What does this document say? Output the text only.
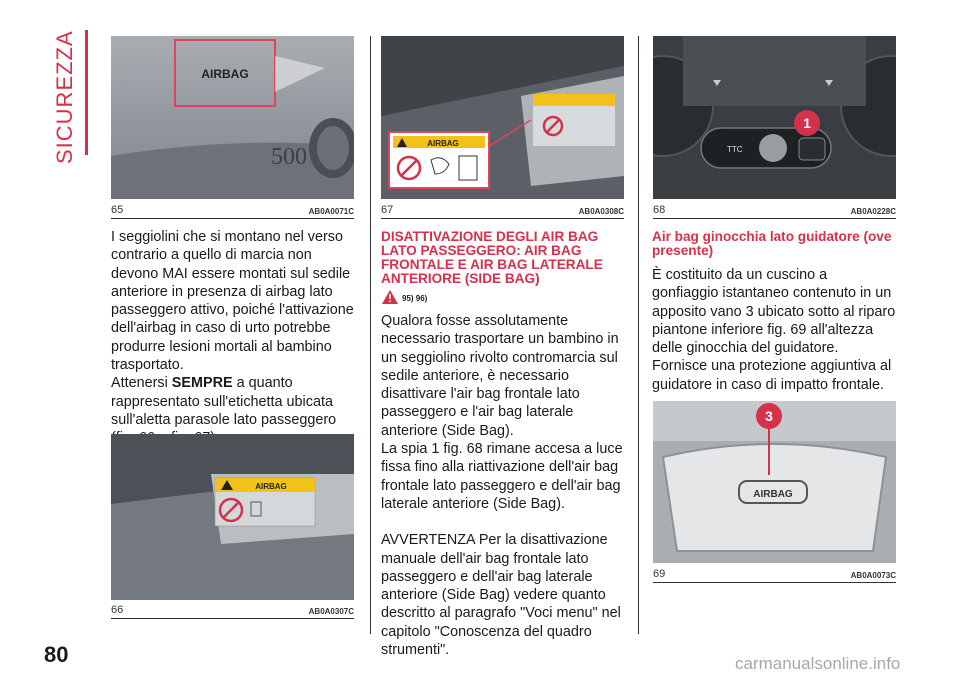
SICUREZZA	AIRBAG
500
65	AB0A0071C

I seggiolini che si montano nel verso contrario a quello di marcia non devono MAI essere montati sul sedile anteriore in presenza di airbag lato passeggero attivo, poiché l'attivazione dell'airbag in caso di urto potrebbe produrre lesioni mortali al bambino trasportato.

Attenersi SEMPRE a quanto rappresentato sull'etichetta ubicata sull'aletta parasole lato passeggero

AIRBAG
66	AB0A0307C
AIRBAG
67	AB0A0308C
DISATTIVAZIONE DEGLI AIR BAG LATO PASSEGGERO: AIR BAG FRONTALE E AIR BAG LATERALE ANTERIORE (SIDE BAG)
95) 96)

Qualora fosse assolutamente necessario trasportare un bambino in un seggiolino rivolto contromarcia sul sedile anteriore, è necessario disattivare l'air bag frontale lato passeggero e l'air bag laterale anteriore (Side Bag).

La spia 1 fig. 68 rimane accesa a luce fissa fino alla riattivazione dell'air bag frontale lato passeggero e dell'air bag laterale anteriore (Side Bag).

AVVERTENZA Per la disattivazione manuale dell'air bag frontale lato passeggero e dell'air bag laterale anteriore (Side Bag) vedere quanto descritto al paragrafo "Voci menu" nel capitolo "Conoscenza del quadro strumenti".

TTC
1
68	AB0A0228C
Air bag ginocchia lato guidatore (ove presente)

È costituito da un cuscino a gonfiaggio istantaneo contenuto in un apposito vano 3 ubicato sotto al riparo piantone inferiore fig. 69 all'altezza delle ginocchia del guidatore. Fornisce una protezione aggiuntiva al guidatore in caso di impatto frontale.

AIRBAG
3
69	AB0A0073C
80	carmanualsonline.info
